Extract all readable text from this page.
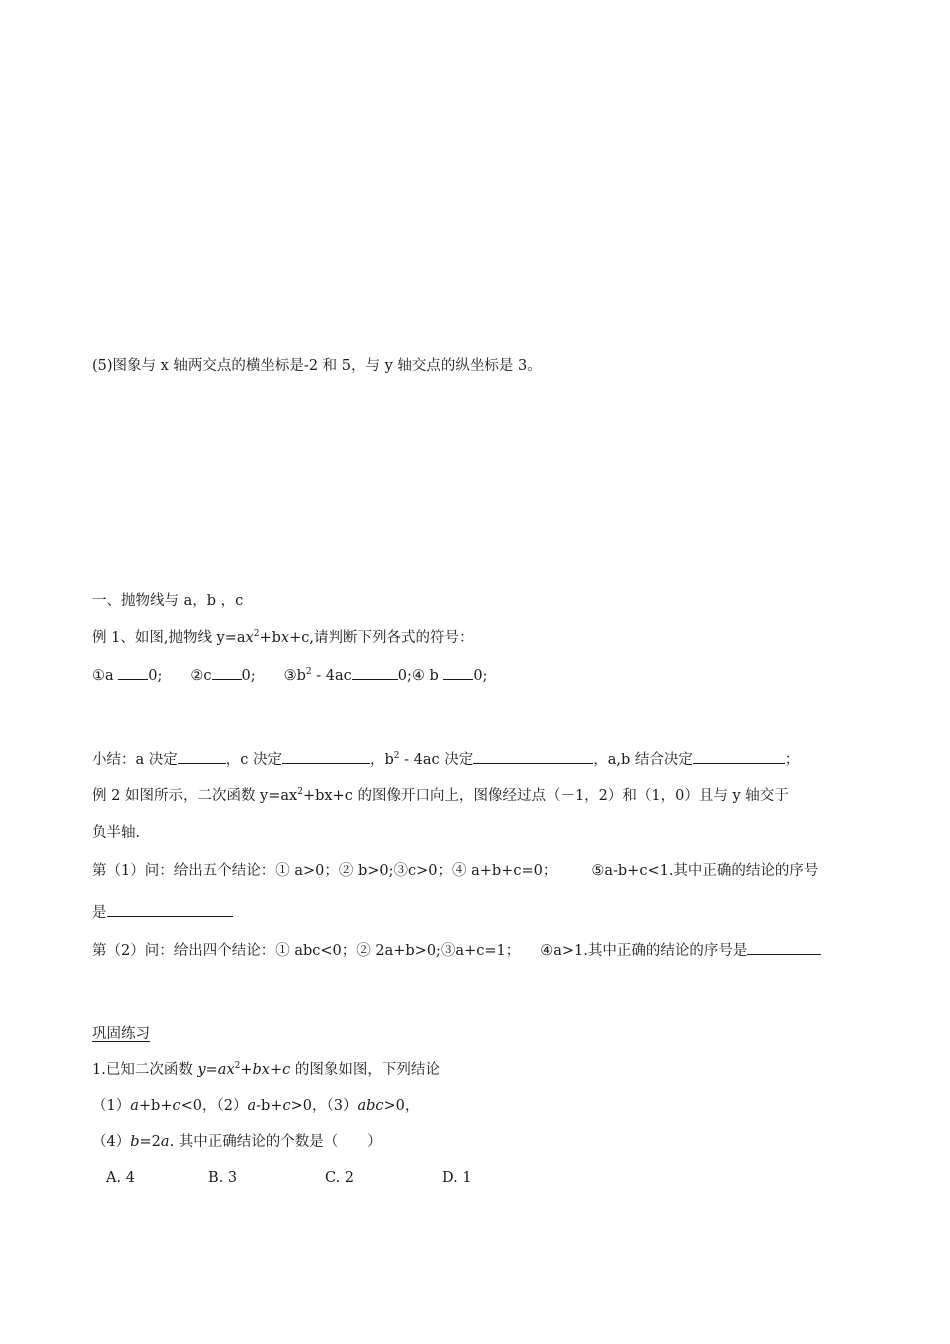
(5)图象与 x 轴两交点的横坐标是-2 和 5，与 y 轴交点的纵坐标是 3。
一、抛物线与 a，b ，c
例 1、如图,抛物线 $y=ax^2+bx+c$,请判断下列各式的符号：
①a 0; ②c 0; $③b^2 - 4ac$	0;④ b 0;
小结：a 决定	，c 决定	，$b^2 - 4ac$ 决定	，a,b 结合决定	；
例 2 如图所示，二次函数 $y=ax^2+bx+c$ 的图像开口向上，图像经过点（－1，2）和（1，0）且与 y 轴交于
负半轴.
第（1）问：给出五个结论：① a>0；② b>0;③c>0；④ a+b+c=0； ⑤a-b+c<1.其中正确的结论的序号
是
第（2）问：给出四个结论：① abc<0；② 2a+b>0;③a+c=1； ④a>1.其中正确的结论的序号是
巩固练习
1.已知二次函数 $y=ax^2+bx+c$ 的图象如图，下列结论
（1）a+b+c<0，（2）a-b+c>0，（3）abc>0，
（4）b=2a. 其中正确结论的个数是（　　）
A. 4	B. 3	C. 2	D. 1
